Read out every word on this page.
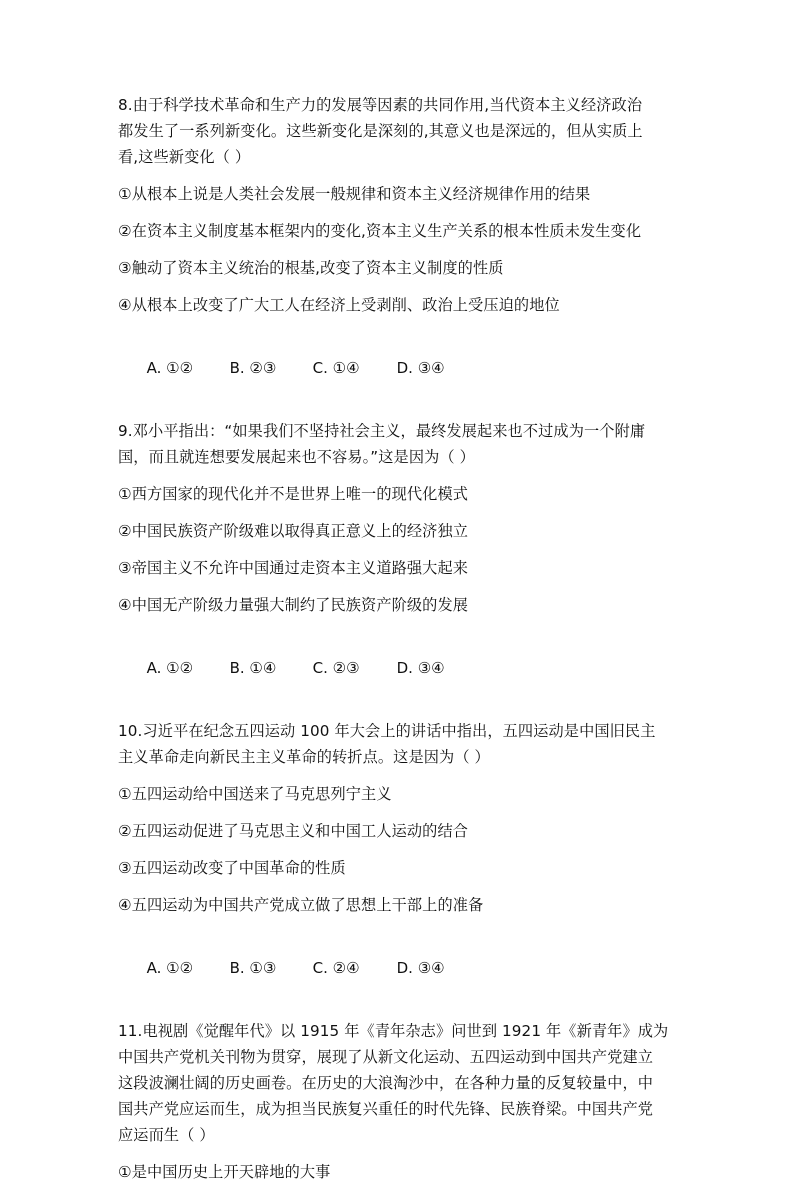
8.由于科学技术革命和生产力的发展等因素的共同作用,当代资本主义经济政治
都发生了一系列新变化。这些新变化是深刻的,其意义也是深远的，但从实质上
看,这些新变化（ ）
①从根本上说是人类社会发展一般规律和资本主义经济规律作用的结果
②在资本主义制度基本框架内的变化,资本主义生产关系的根本性质未发生变化
③触动了资本主义统治的根基,改变了资本主义制度的性质
④从根本上改变了广大工人在经济上受剥削、政治上受压迫的地位

A. ①② B. ②③ C. ①④ D. ③④

9.邓小平指出：“如果我们不坚持社会主义，最终发展起来也不过成为一个附庸
国，而且就连想要发展起来也不容易。”这是因为（ ）
①西方国家的现代化并不是世界上唯一的现代化模式
②中国民族资产阶级难以取得真正意义上的经济独立
③帝国主义不允许中国通过走资本主义道路强大起来
④中国无产阶级力量强大制约了民族资产阶级的发展

A. ①② B. ①④ C. ②③ D. ③④

10.习近平在纪念五四运动 100 年大会上的讲话中指出，五四运动是中国旧民主
主义革命走向新民主主义革命的转折点。这是因为（ ）
①五四运动给中国送来了马克思列宁主义
②五四运动促进了马克思主义和中国工人运动的结合
③五四运动改变了中国革命的性质
④五四运动为中国共产党成立做了思想上干部上的准备

A. ①② B. ①③ C. ②④ D. ③④

11.电视剧《觉醒年代》以 1915 年《青年杂志》问世到 1921 年《新青年》成为
中国共产党机关刊物为贯穿，展现了从新文化运动、五四运动到中国共产党建立
这段波澜壮阔的历史画卷。在历史的大浪淘沙中，在各种力量的反复较量中，中
国共产党应运而生，成为担当民族复兴重任的时代先锋、民族脊梁。中国共产党
应运而生（ ）
①是中国历史上开天辟地的大事
